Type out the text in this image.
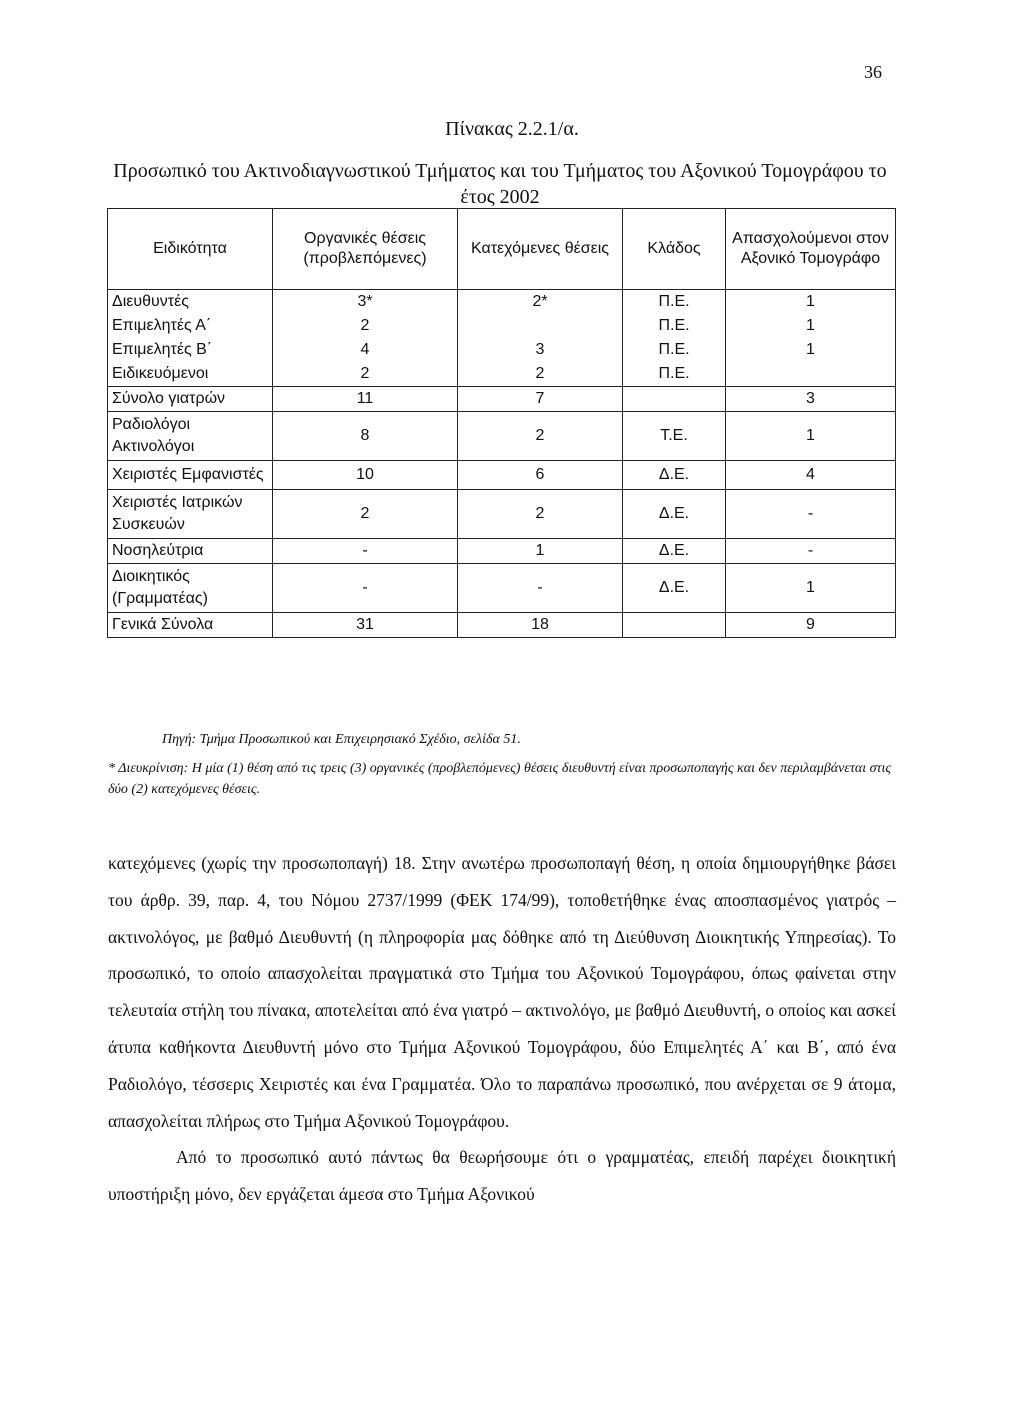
36
Πίνακας 2.2.1/α.
Προσωπικό του Ακτινοδιαγνωστικού Τμήματος και του Τμήματος του Αξονικού Τομογράφου το έτος 2002
Ειδικότητα	Οργανικές θέσεις (προβλεπόμενες)	Κατεχόμενες θέσεις	Κλάδος	Απασχολούμενοι στον Αξονικό Τομογράφο
Διευθυντές	3*	2*	Π.Ε.	1
Επιμελητές Α΄	2		Π.Ε.	1
Επιμελητές Β΄	4	3	Π.Ε.	1
Ειδικευόμενοι	2	2	Π.Ε.	
Σύνολο γιατρών	11	7		3
Ραδιολόγοι Ακτινολόγοι	8	2	Τ.Ε.	1
Χειριστές Εμφανιστές	10	6	Δ.Ε.	4
Χειριστές Ιατρικών Συσκευών	2	2	Δ.Ε.	-
Νοσηλεύτρια	-	1	Δ.Ε.	-
Διοικητικός (Γραμματέας)	-	-	Δ.Ε.	1
Γενικά Σύνολα	31	18		9
Πηγή: Τμήμα Προσωπικού και Επιχειρησιακό Σχέδιο, σελίδα 51.
* Διευκρίνιση: Η μία (1) θέση από τις τρεις (3) οργανικές (προβλεπόμενες) θέσεις διευθυντή είναι προσωποπαγής και δεν περιλαμβάνεται στις δύο (2) κατεχόμενες θέσεις.

κατεχόμενες (χωρίς την προσωποπαγή) 18. Στην ανωτέρω προσωποπαγή θέση, η οποία δημιουργήθηκε βάσει του άρθρ. 39, παρ. 4, του Νόμου 2737/1999 (ΦΕΚ 174/99), τοποθετήθηκε ένας αποσπασμένος γιατρός – ακτινολόγος, με βαθμό Διευθυντή (η πληροφορία μας δόθηκε από τη Διεύθυνση Διοικητικής Υπηρεσίας). Το προσωπικό, το οποίο απασχολείται πραγματικά στο Τμήμα του Αξονικού Τομογράφου, όπως φαίνεται στην τελευταία στήλη του πίνακα, αποτελείται από ένα γιατρό – ακτινολόγο, με βαθμό Διευθυντή, ο οποίος και ασκεί άτυπα καθήκοντα Διευθυντή μόνο στο Τμήμα Αξονικού Τομογράφου, δύο Επιμελητές Α΄ και Β΄, από ένα Ραδιολόγο, τέσσερις Χειριστές και ένα Γραμματέα. Όλο το παραπάνω προσωπικό, που ανέρχεται σε 9 άτομα, απασχολείται πλήρως στο Τμήμα Αξονικού Τομογράφου.

Από το προσωπικό αυτό πάντως θα θεωρήσουμε ότι ο γραμματέας, επειδή παρέχει διοικητική υποστήριξη μόνο, δεν εργάζεται άμεσα στο Τμήμα Αξονικού
